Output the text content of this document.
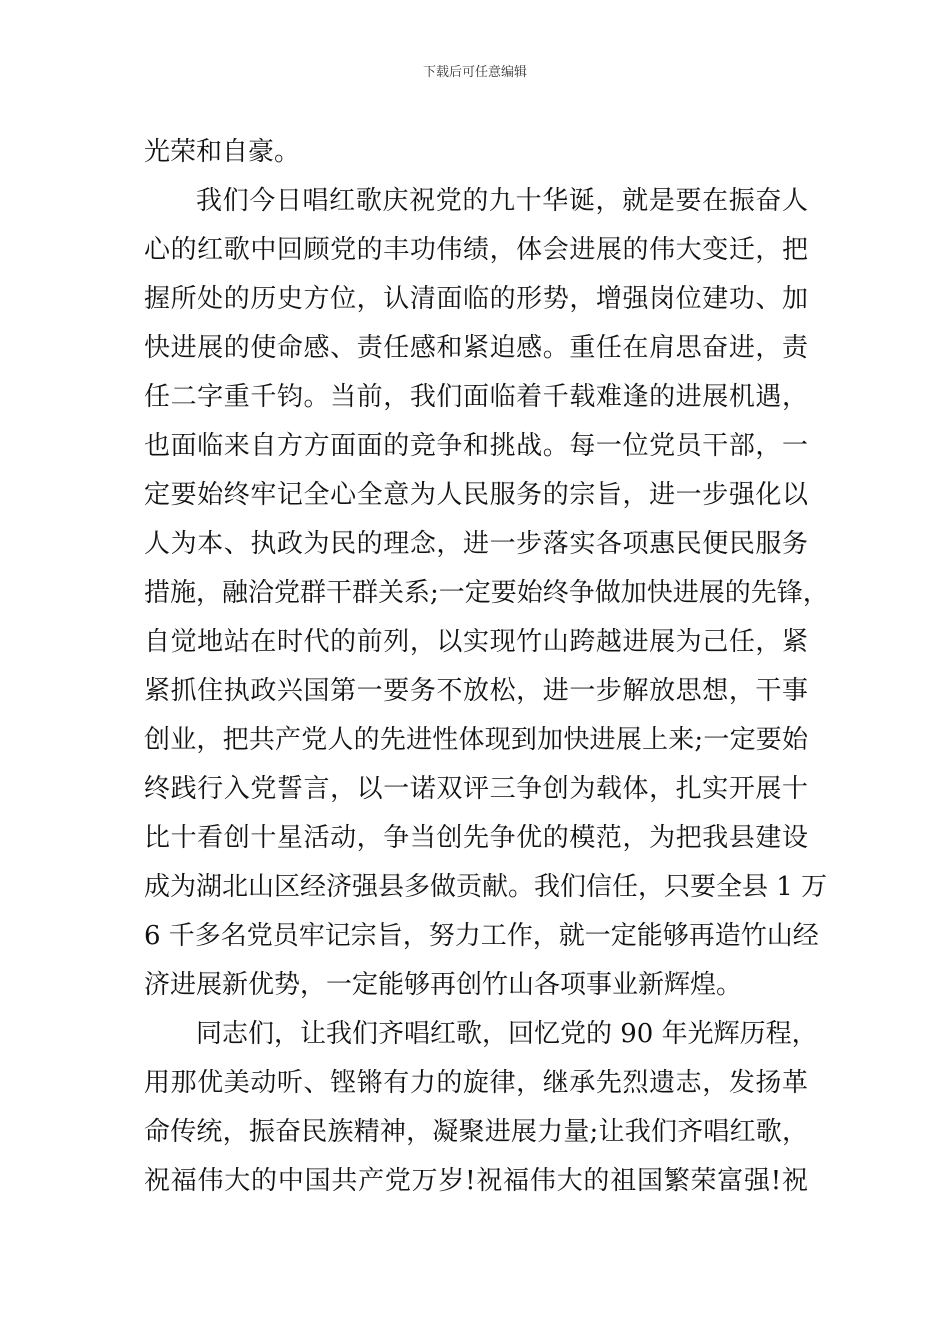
下载后可任意编辑
光荣和自豪。
我们今日唱红歌庆祝党的九十华诞，就是要在振奋人
心的红歌中回顾党的丰功伟绩，体会进展的伟大变迁，把
握所处的历史方位，认清面临的形势，增强岗位建功、加
快进展的使命感、责任感和紧迫感。重任在肩思奋进，责
任二字重千钧。当前，我们面临着千载难逢的进展机遇，
也面临来自方方面面的竞争和挑战。每一位党员干部，一
定要始终牢记全心全意为人民服务的宗旨，进一步强化以
人为本、执政为民的理念，进一步落实各项惠民便民服务
措施，融洽党群干群关系;一定要始终争做加快进展的先锋，
自觉地站在时代的前列，以实现竹山跨越进展为己任，紧
紧抓住执政兴国第一要务不放松，进一步解放思想，干事
创业，把共产党人的先进性体现到加快进展上来;一定要始
终践行入党誓言，以一诺双评三争创为载体，扎实开展十
比十看创十星活动，争当创先争优的模范，为把我县建设
成为湖北山区经济强县多做贡献。我们信任，只要全县 1 万
6 千多名党员牢记宗旨，努力工作，就一定能够再造竹山经
济进展新优势，一定能够再创竹山各项事业新辉煌。
同志们，让我们齐唱红歌，回忆党的 90 年光辉历程，
用那优美动听、铿锵有力的旋律，继承先烈遗志，发扬革
命传统，振奋民族精神，凝聚进展力量;让我们齐唱红歌，
祝福伟大的中国共产党万岁!祝福伟大的祖国繁荣富强!祝
